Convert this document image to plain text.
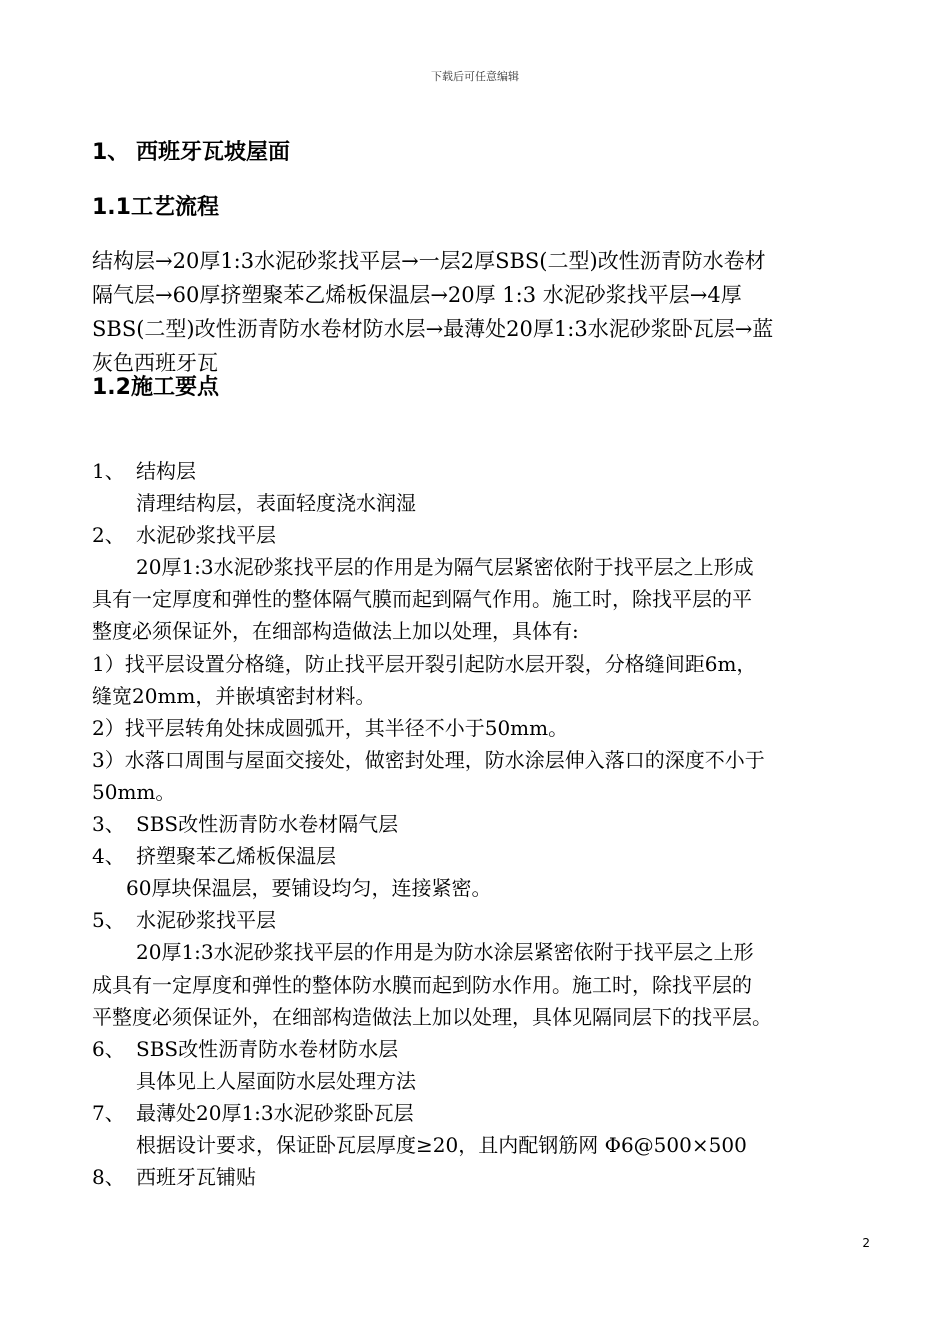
下载后可任意编辑
1、 西班牙瓦坡屋面
1.1工艺流程
结构层→20厚1:3水泥砂浆找平层→一层2厚SBS(二型)改性沥青防水卷材
隔气层→60厚挤塑聚苯乙烯板保温层→20厚 1:3 水泥砂浆找平层→4厚
SBS(二型)改性沥青防水卷材防水层→最薄处20厚1:3水泥砂浆卧瓦层→蓝
灰色西班牙瓦
1.2施工要点
1、 结构层
清理结构层，表面轻度浇水润湿
2、 水泥砂浆找平层
20厚1:3水泥砂浆找平层的作用是为隔气层紧密依附于找平层之上形成
具有一定厚度和弹性的整体隔气膜而起到隔气作用。施工时，除找平层的平
整度必须保证外，在细部构造做法上加以处理，具体有:
1）找平层设置分格缝，防止找平层开裂引起防水层开裂，分格缝间距6m，
缝宽20mm，并嵌填密封材料。
2）找平层转角处抹成圆弧开，其半径不小于50mm。
3）水落口周围与屋面交接处，做密封处理，防水涂层伸入落口的深度不小于
50mm。
3、 SBS改性沥青防水卷材隔气层
4、 挤塑聚苯乙烯板保温层
60厚块保温层，要铺设均匀，连接紧密。
5、 水泥砂浆找平层
20厚1:3水泥砂浆找平层的作用是为防水涂层紧密依附于找平层之上形
成具有一定厚度和弹性的整体防水膜而起到防水作用。施工时，除找平层的
平整度必须保证外，在细部构造做法上加以处理，具体见隔同层下的找平层。
6、 SBS改性沥青防水卷材防水层
具体见上人屋面防水层处理方法
7、 最薄处20厚1:3水泥砂浆卧瓦层
根据设计要求，保证卧瓦层厚度≥20，且内配钢筋网 Φ6@500×500
8、 西班牙瓦铺贴
2
